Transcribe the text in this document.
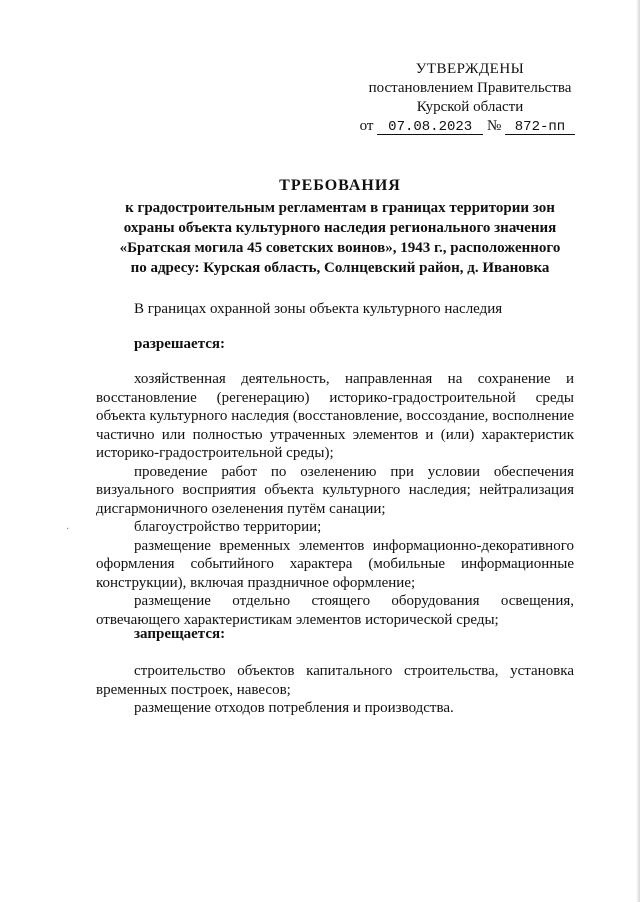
УТВЕРЖДЕНЫ
постановлением Правительства
Курской области
от 07.08.2023 № 872-пп
ТРЕБОВАНИЯ
к градостроительным регламентам в границах территории зон
охраны объекта культурного наследия регионального значения
«Братская могила 45 советских воинов», 1943 г., расположенного
по адресу: Курская область, Солнцевский район, д. Ивановка

В границах охранной зоны объекта культурного наследия

разрешается:

хозяйственная деятельность, направленная на сохранение и восстановление (регенерацию) историко-градостроительной среды объекта культурного наследия (восстановление, воссоздание, восполнение частично или полностью утраченных элементов и (или) характеристик историко-градостроительной среды);

проведение работ по озеленению при условии обеспечения визуального восприятия объекта культурного наследия; нейтрализация дисгармоничного озеленения путём санации;

благоустройство территории;

размещение временных элементов информационно-декоративного оформления событийного характера (мобильные информационные конструкции), включая праздничное оформление;

размещение отдельно стоящего оборудования освещения, отвечающего характеристикам элементов исторической среды;

запрещается:

строительство объектов капитального строительства, установка временных построек, навесов;

размещение отходов потребления и производства.

·
